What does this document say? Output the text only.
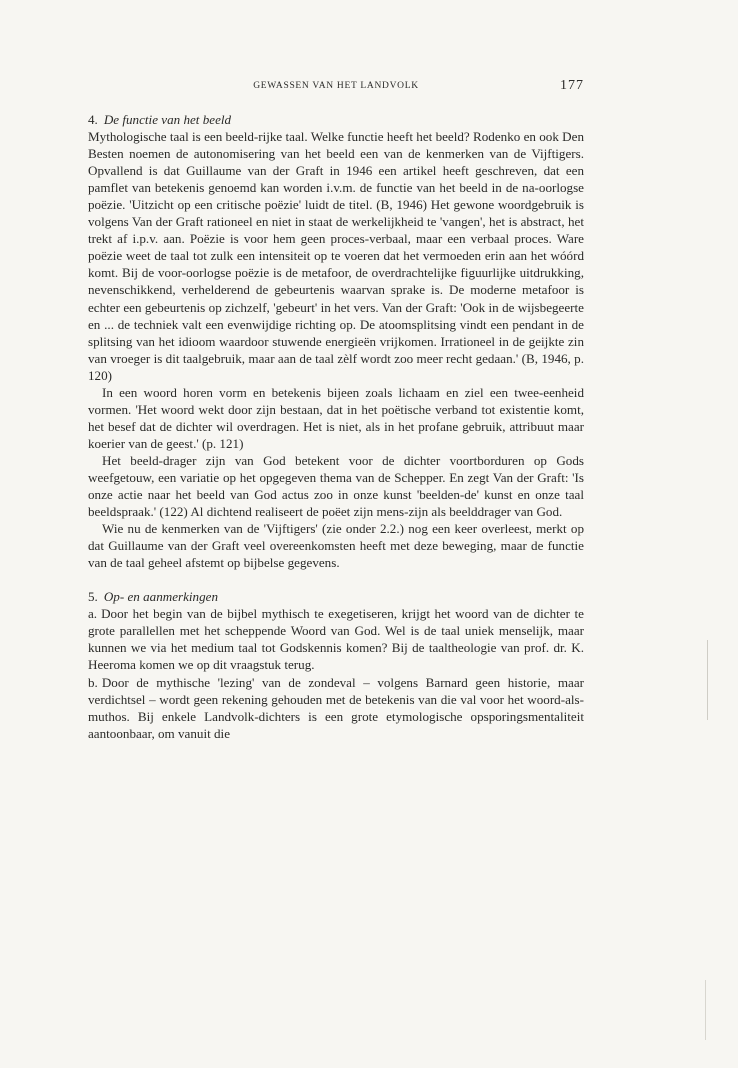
GEWASSEN VAN HET LANDVOLK	177
4. De functie van het beeld

Mythologische taal is een beeld-rijke taal. Welke functie heeft het beeld? Rodenko en ook Den Besten noemen de autonomisering van het beeld een van de kenmerken van de Vijftigers. Opvallend is dat Guillaume van der Graft in 1946 een artikel heeft geschreven, dat een pamflet van betekenis genoemd kan worden i.v.m. de functie van het beeld in de na-oorlogse poëzie. 'Uitzicht op een critische poëzie' luidt de titel. (B, 1946) Het gewone woordgebruik is volgens Van der Graft rationeel en niet in staat de werkelijkheid te 'vangen', het is abstract, het trekt af i.p.v. aan. Poëzie is voor hem geen proces-verbaal, maar een verbaal proces. Ware poëzie weet de taal tot zulk een intensiteit op te voeren dat het vermoeden erin aan het wóórd komt. Bij de voor-oorlogse poëzie is de metafoor, de overdrachtelijke figuurlijke uitdrukking, nevenschikkend, verhelderend de gebeurtenis waarvan sprake is. De moderne metafoor is echter een gebeurtenis op zichzelf, 'gebeurt' in het vers. Van der Graft: 'Ook in de wijsbegeerte en ... de techniek valt een evenwijdige richting op. De atoomsplitsing vindt een pendant in de splitsing van het idioom waardoor stuwende energieën vrijkomen. Irrationeel in de geijkte zin van vroeger is dit taalgebruik, maar aan de taal zèlf wordt zoo meer recht gedaan.' (B, 1946, p. 120)

In een woord horen vorm en betekenis bijeen zoals lichaam en ziel een twee-eenheid vormen. 'Het woord wekt door zijn bestaan, dat in het poëtische verband tot existentie komt, het besef dat de dichter wil overdragen. Het is niet, als in het profane gebruik, attribuut maar koerier van de geest.' (p. 121)

Het beeld-drager zijn van God betekent voor de dichter voortborduren op Gods weefgetouw, een variatie op het opgegeven thema van de Schepper. En zegt Van der Graft: 'Is onze actie naar het beeld van God actus zoo in onze kunst 'beelden-de' kunst en onze taal beeldspraak.' (122) Al dichtend realiseert de poëet zijn mens-zijn als beelddrager van God.

Wie nu de kenmerken van de 'Vijftigers' (zie onder 2.2.) nog een keer overleest, merkt op dat Guillaume van der Graft veel overeenkomsten heeft met deze beweging, maar de functie van de taal geheel afstemt op bijbelse gegevens.

5. Op- en aanmerkingen

a. Door het begin van de bijbel mythisch te exegetiseren, krijgt het woord van de dichter te grote parallellen met het scheppende Woord van God. Wel is de taal uniek menselijk, maar kunnen we via het medium taal tot Godskennis komen? Bij de taaltheologie van prof. dr. K. Heeroma komen we op dit vraagstuk terug.

b. Door de mythische 'lezing' van de zondeval – volgens Barnard geen historie, maar verdichtsel – wordt geen rekening gehouden met de betekenis van die val voor het woord-als-muthos. Bij enkele Landvolk-dichters is een grote etymologische opsporingsmentaliteit aantoonbaar, om vanuit die
